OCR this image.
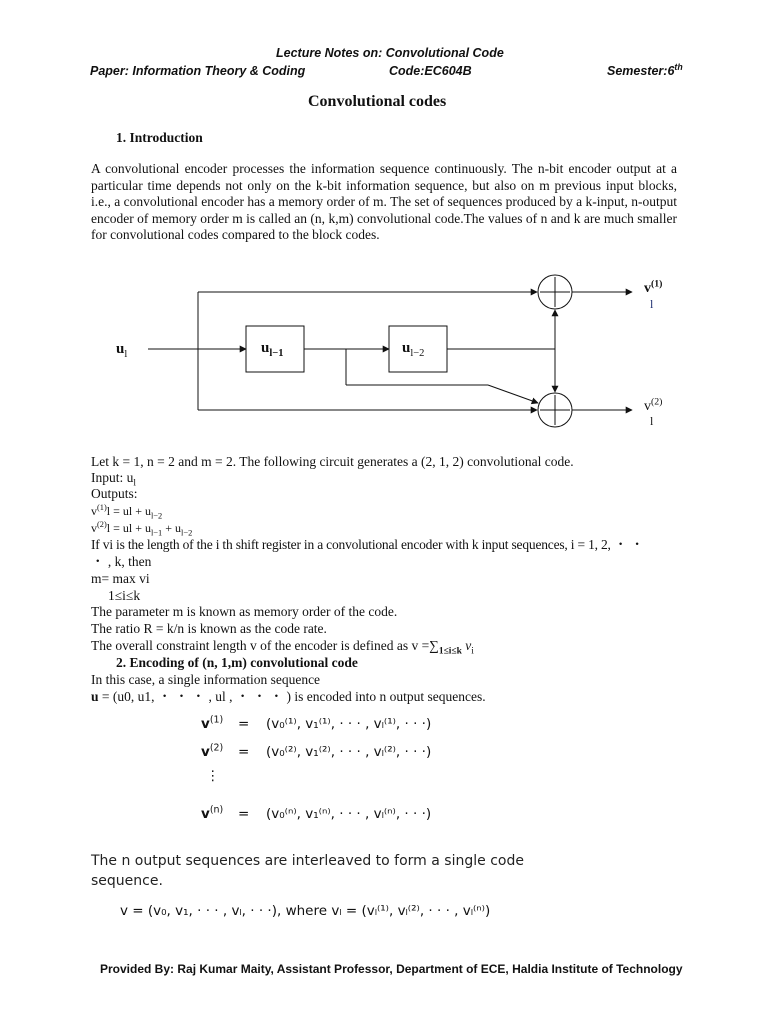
Lecture Notes on: Convolutional Code
Paper: Information Theory & Coding	Code:EC604B	Semester:6th
Convolutional codes
1. Introduction
A convolutional encoder processes the information sequence continuously. The n-bit encoder output at a particular time depends not only on the k-bit information sequence, but also on m previous input blocks, i.e., a convolutional encoder has a memory order of m. The set of sequences produced by a k-input, n-output encoder of memory order m is called an (n, k,m) convolutional code.The values of n and k are much smaller for convolutional codes compared to the block codes.
$u_l$	$u_{l-1}$	$u_{l-2}$
$v^{(1)}$
l
$v^{(2)}$
l
Let k = 1, n = 2 and m = 2. The following circuit generates a (2, 1, 2) convolutional code.
Input: $u_l$
Outputs:
$v^{(1)}l$ = ul + $u_{l-2}$
$v^{(2)}l$ = ul + $u_{l-1} + u_{l-2}$
If vi is the length of the i th shift register in a convolutional encoder with k input sequences, i = 1, 2, ・ ・
・ , k, then
m= max vi
1≤i≤k
The parameter m is known as memory order of the code.
The ratio R = k/n is known as the code rate.
The overall constraint length v of the encoder is defined as $v =\sum_{1\le i\le k}$ $v_i$
2. Encoding of (n, 1,m) convolutional code
In this case, a single information sequence
u = (u0, u1, ・ ・ ・ , ul , ・ ・ ・ ) is encoded into n output sequences.
$v^{(1)} = (v_0^{(1)}$, v₁⁽¹⁾, · · · , vₗ⁽¹⁾, · · ·)
$v^{(2)} = (v_0^{(2)}$, v₁⁽²⁾, · · · , vₗ⁽²⁾, · · ·)
⋮
$v^{(n)} = (v_0^{(n)}$, v₁⁽ⁿ⁾, · · · , vₗ⁽ⁿ⁾, · · ·)
The n output sequences are interleaved to form a single code
sequence.
v = (v₀, v₁, · · · , vₗ, · · ·), where vₗ = (vₗ⁽¹⁾, vₗ⁽²⁾, · · · , vₗ⁽ⁿ⁾)
Provided By: Raj Kumar Maity, Assistant Professor, Department of ECE, Haldia Institute of Technology
